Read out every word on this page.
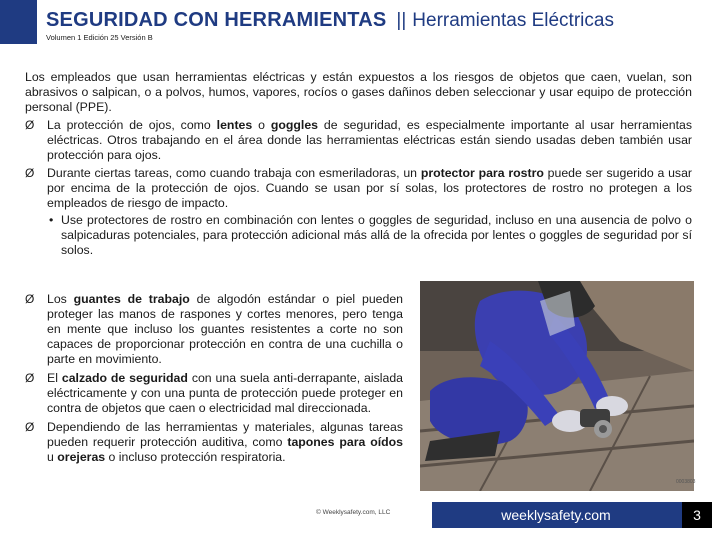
SEGURIDAD CON HERRAMIENTAS || Herramientas Eléctricas
Volumen 1 Edición 25 Versión B

Los empleados que usan herramientas eléctricas y están expuestos a los riesgos de objetos que caen, vuelan, son abrasivos o salpican, o a polvos, humos, vapores, rocíos o gases dañinos deben seleccionar y usar equipo de protección personal (PPE).

Ø La protección de ojos, como lentes o goggles de seguridad, es especialmente importante al usar herramientas eléctricas. Otros trabajando en el área donde las herramientas eléctricas están siendo usadas deben también usar protección para ojos.
Ø Durante ciertas tareas, como cuando trabaja con esmeriladoras, un protector para rostro puede ser sugerido a usar por encima de la protección de ojos. Cuando se usan por sí solas, los protectores de rostro no protegen a los empleados de riesgo de impacto.
• Use protectores de rostro en combinación con lentes o goggles de seguridad, incluso en una ausencia de polvo o salpicaduras potenciales, para protección adicional más allá de la ofrecida por lentes o goggles de seguridad por sí solos.
Ø Los guantes de trabajo de algodón estándar o piel pueden proteger las manos de raspones y cortes menores, pero tenga en mente que incluso los guantes resistentes a corte no son capaces de proporcionar protección en contra de una cuchilla o parte en movimiento.
Ø El calzado de seguridad con una suela anti-derrapante, aislada eléctricamente y con una punta de protección puede proteger en contra de objetos que caen o electricidad mal direccionada.
Ø Dependiendo de las herramientas y materiales, algunas tareas pueden requerir protección auditiva, como tapones para oídos u orejeras o incluso protección respiratoria.
0003803
© Weeklysafety.com, LLC	weeklysafety.com	3
